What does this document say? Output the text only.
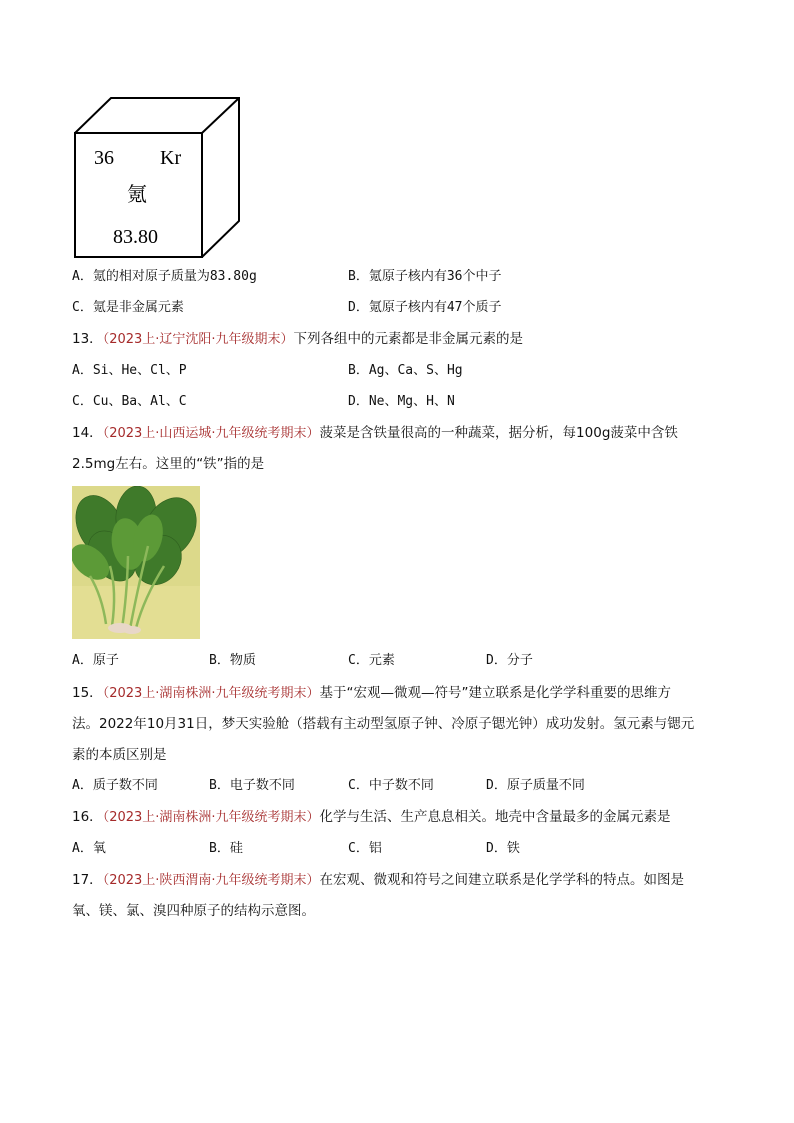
36 Kr
氪
83.80
A．氪的相对原子质量为83.80g	B．氪原子核内有36个中子
C．氪是非金属元素	D．氪原子核内有47个质子
13．（2023上·辽宁沈阳·九年级期末）下列各组中的元素都是非金属元素的是
A．Si、He、Cl、P	B．Ag、Ca、S、Hg
C．Cu、Ba、Al、C	D．Ne、Mg、H、N
14．（2023上·山西运城·九年级统考期末）菠菜是含铁量很高的一种蔬菜，据分析，每100g菠菜中含铁
2.5mg左右。这里的“铁”指的是
A．原子	B．物质	C．元素	D．分子
15．（2023上·湖南株洲·九年级统考期末）基于“宏观—微观—符号”建立联系是化学学科重要的思维方
法。2022年10月31日，梦天实验舱（搭载有主动型氢原子钟、冷原子锶光钟）成功发射。氢元素与锶元
素的本质区别是
A．质子数不同	B．电子数不同	C．中子数不同	D．原子质量不同
16．（2023上·湖南株洲·九年级统考期末）化学与生活、生产息息相关。地壳中含量最多的金属元素是
A．氧	B．硅	C．铝	D．铁
17．（2023上·陕西渭南·九年级统考期末）在宏观、微观和符号之间建立联系是化学学科的特点。如图是
氧、镁、氯、溴四种原子的结构示意图。
